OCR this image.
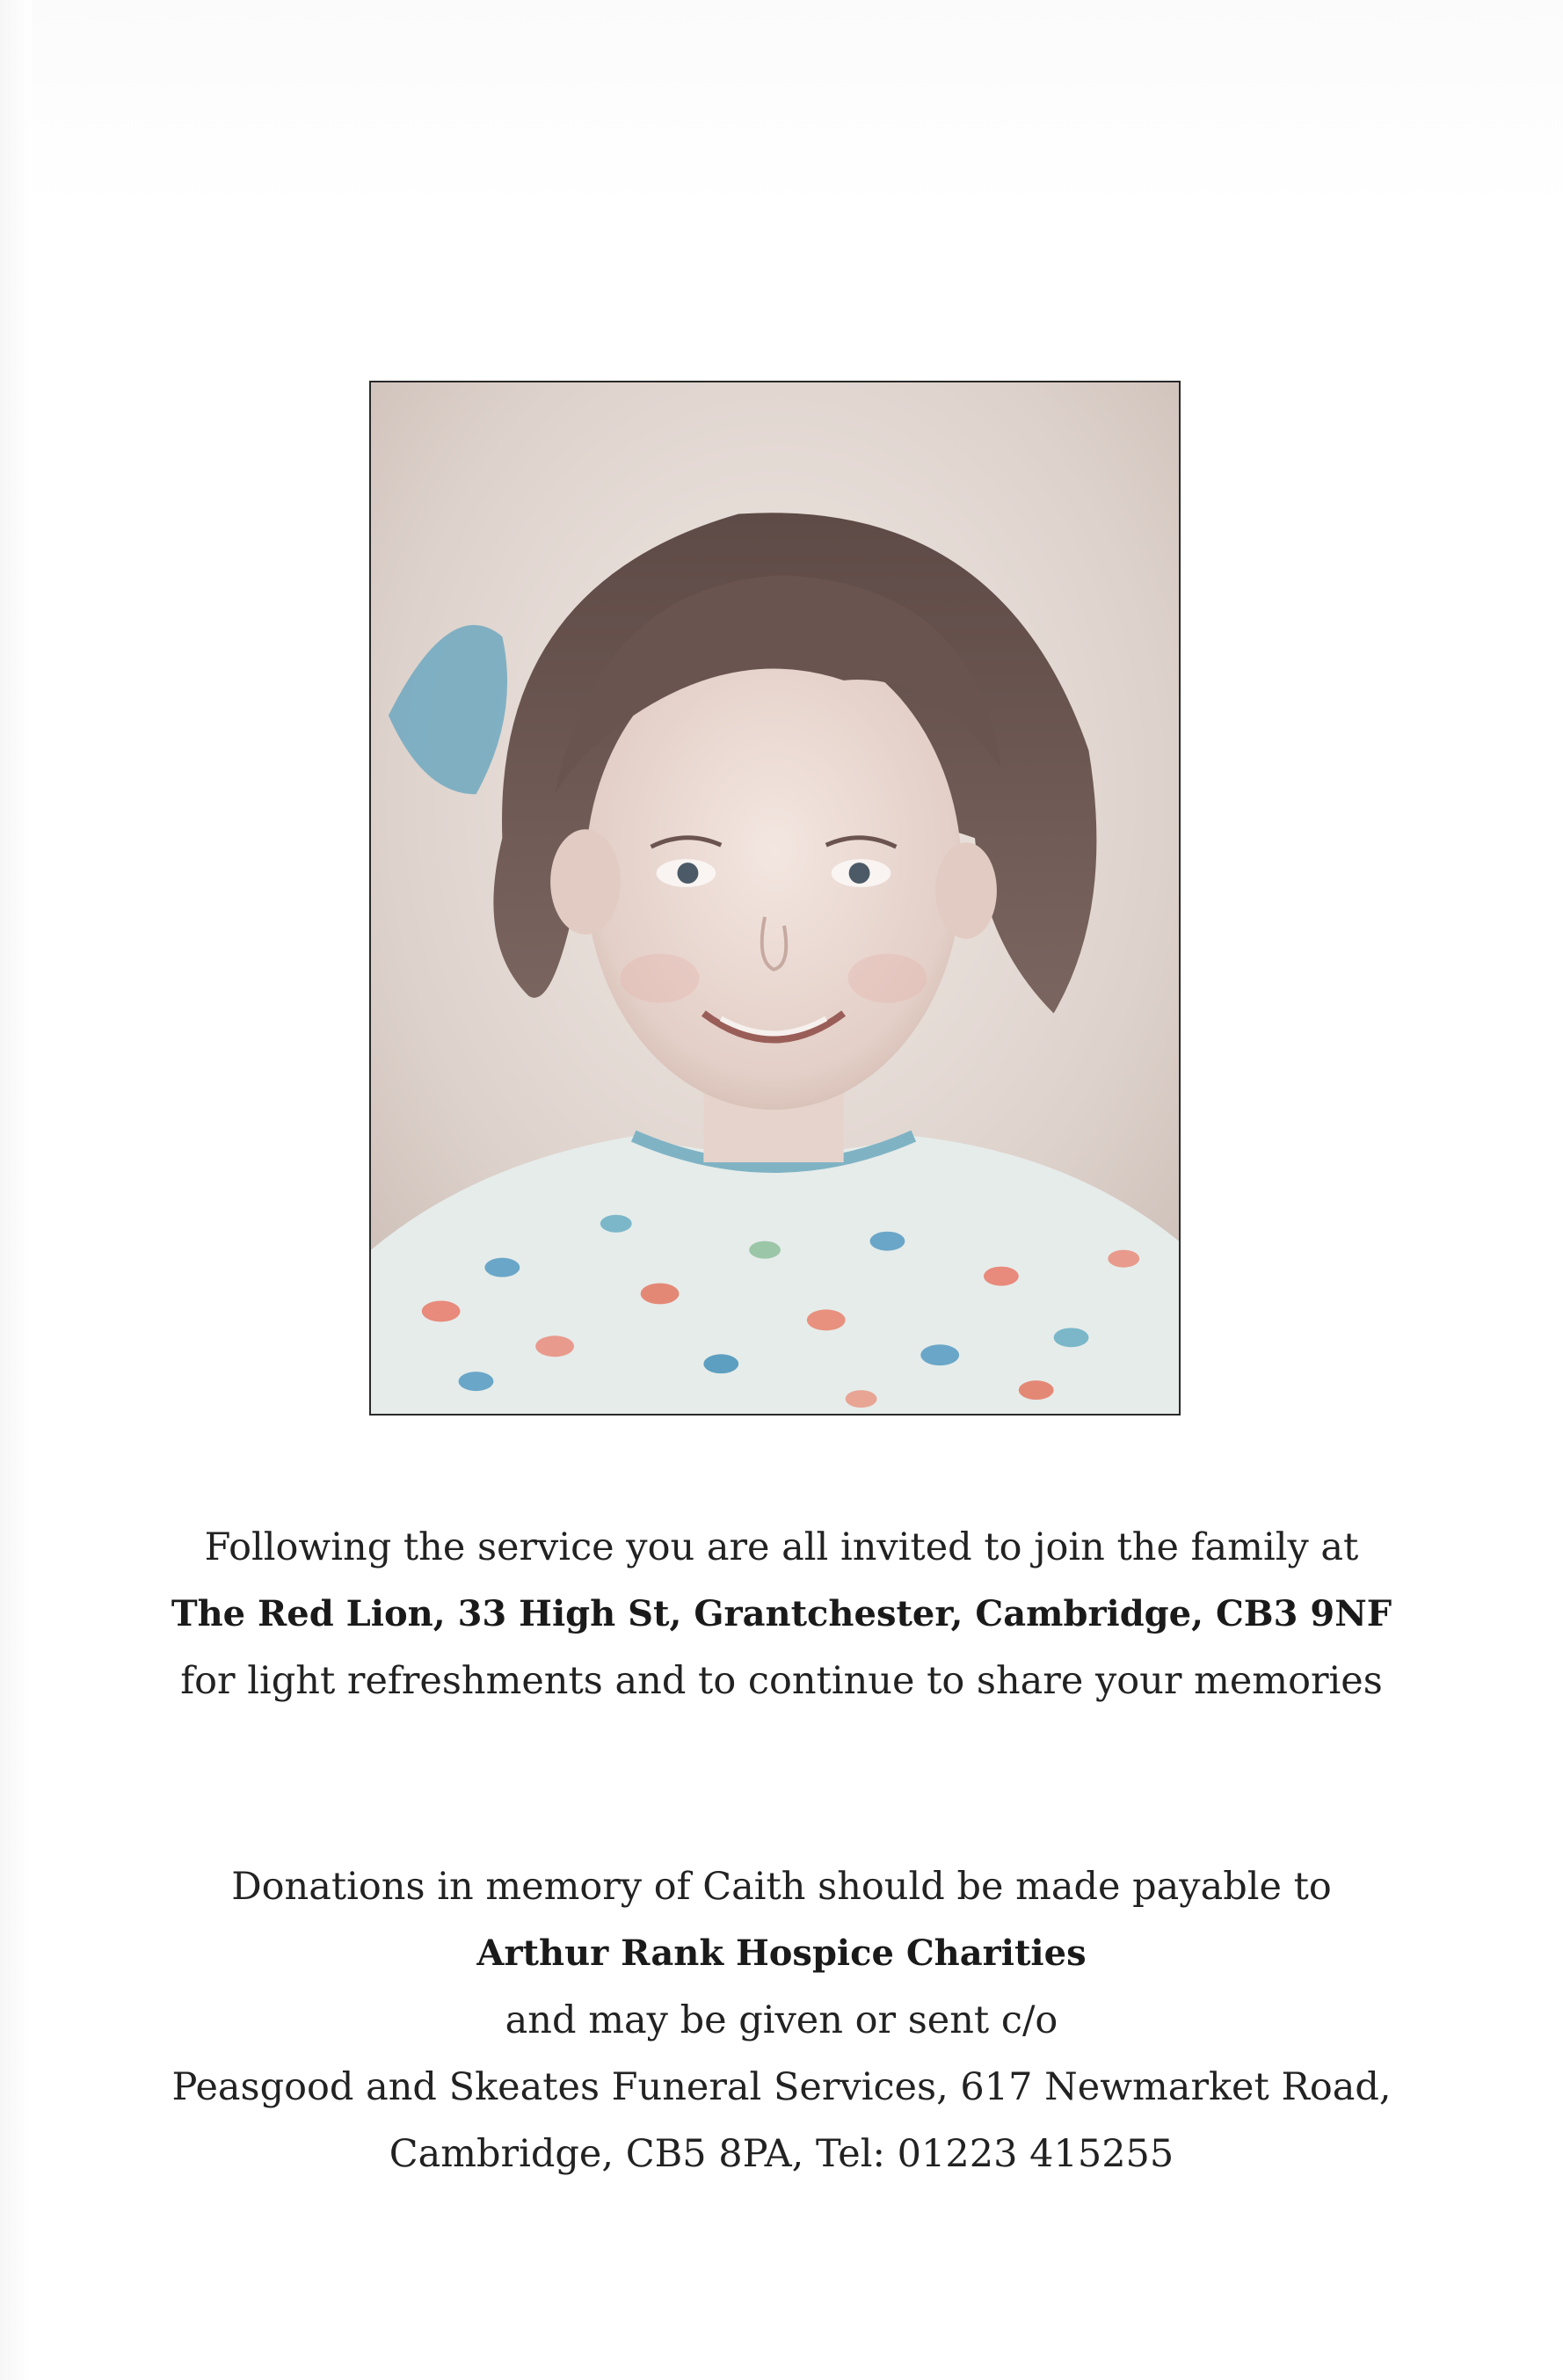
Following the service you are all invited to join the family at
The Red Lion, 33 High St, Grantchester, Cambridge, CB3 9NF
for light refreshments and to continue to share your memories
Donations in memory of Caith should be made payable to
Arthur Rank Hospice Charities
and may be given or sent c/o
Peasgood and Skeates Funeral Services, 617 Newmarket Road,
Cambridge, CB5 8PA, Tel: 01223 415255
